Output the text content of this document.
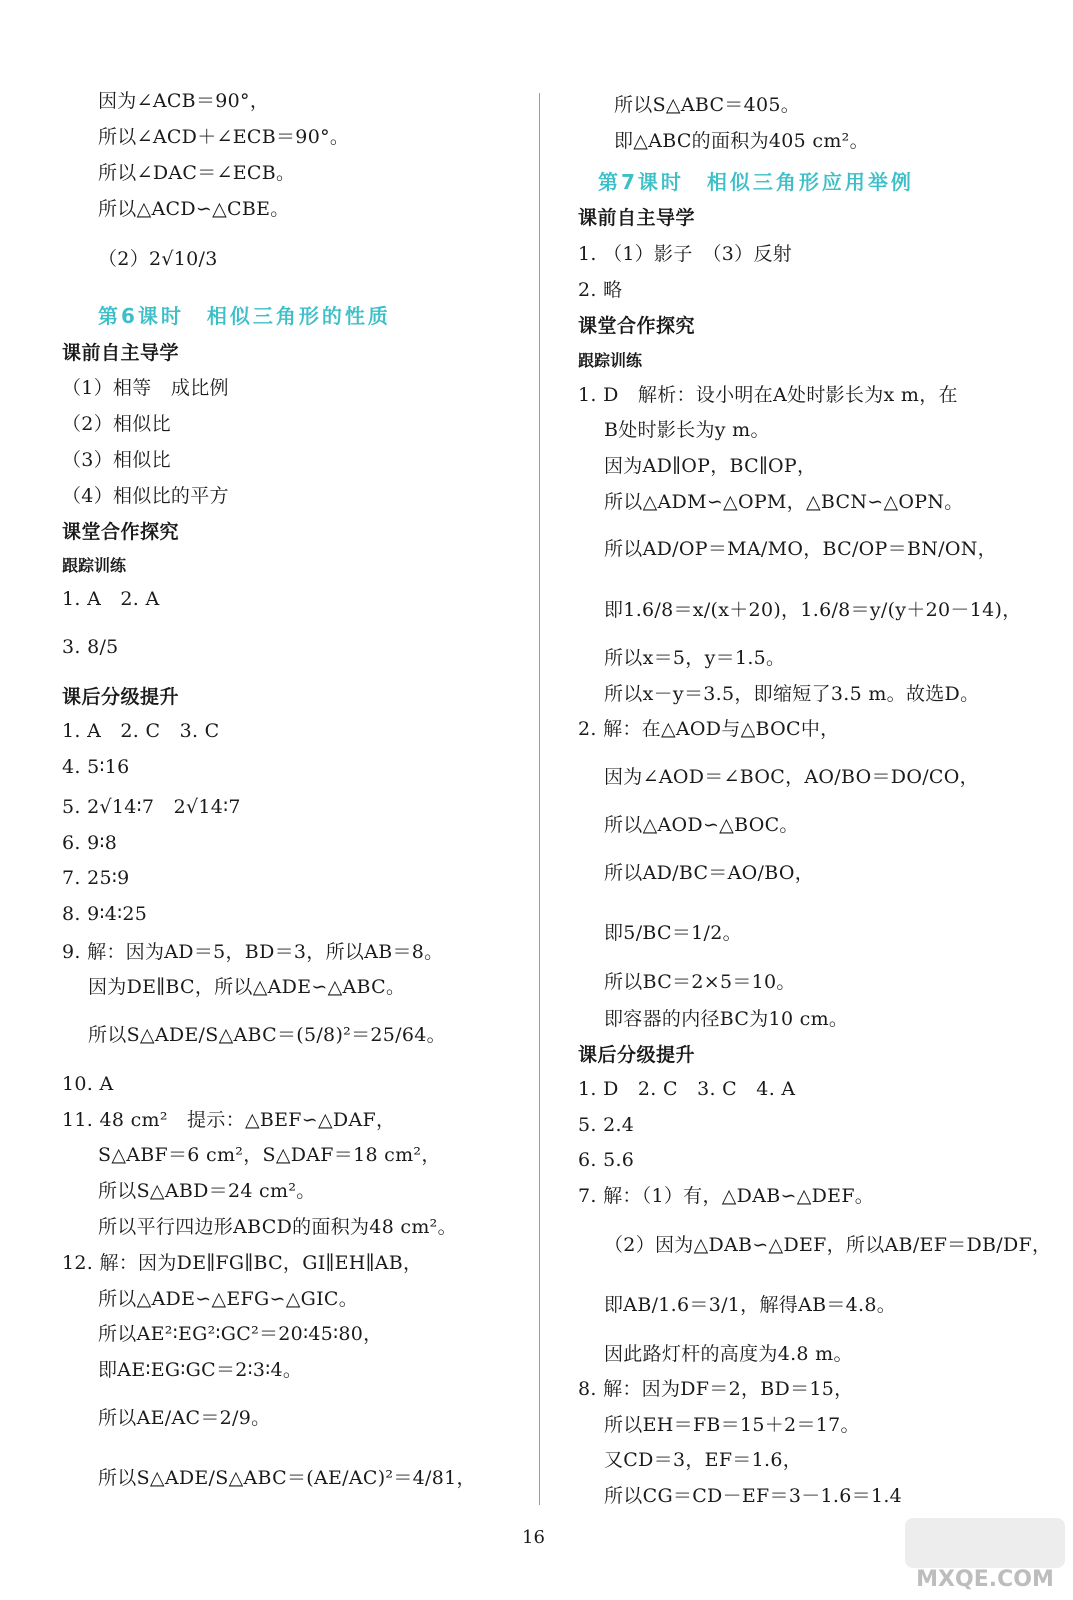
第6课时　相似三角形的性质
课前自主导学
课堂合作探究
跟踪训练
课后分级提升
因为∠ACB＝90°，
所以∠ACD＋∠ECB＝90°。
所以∠DAC＝∠ECB。
所以△ACD∽△CBE。
（2）2√10/3
（1）相等　成比例
（2）相似比
（3）相似比
（4）相似比的平方
1. A　2. A
3. 8/5
1. A　2. C　3. C
4. 5∶16
5. 2√14∶7　2√14∶7
6. 9∶8
7. 25∶9
8. 9∶4∶25
9. 解：因为AD＝5，BD＝3，所以AB＝8。
因为DE∥BC，所以△ADE∽△ABC。
所以S△ADE/S△ABC＝(5/8)²＝25/64。
10. A
11. 48 cm²　提示：△BEF∽△DAF，
S△ABF＝6 cm²，S△DAF＝18 cm²，
所以S△ABD＝24 cm²。
所以平行四边形ABCD的面积为48 cm²。
12. 解：因为DE∥FG∥BC，GI∥EH∥AB，
所以△ADE∽△EFG∽△GIC。
所以AE²∶EG²∶GC²＝20∶45∶80，
即AE∶EG∶GC＝2∶3∶4。
所以AE/AC＝2/9。
所以S△ADE/S△ABC＝(AE/AC)²＝4/81，
第7课时　相似三角形应用举例
课前自主导学
课堂合作探究
跟踪训练
课后分级提升
所以S△ABC＝405。
即△ABC的面积为405 cm²。
1. （1）影子　（3）反射
2. 略
1. D　解析：设小明在A处时影长为x m，在
B处时影长为y m。
因为AD∥OP，BC∥OP，
所以△ADM∽△OPM，△BCN∽△OPN。
所以AD/OP＝MA/MO，BC/OP＝BN/ON，
即1.6/8＝x/(x＋20)，1.6/8＝y/(y＋20－14)，
所以x＝5，y＝1.5。
所以x－y＝3.5，即缩短了3.5 m。故选D。
2. 解：在△AOD与△BOC中，
因为∠AOD＝∠BOC，AO/BO＝DO/CO，
所以△AOD∽△BOC。
所以AD/BC＝AO/BO，
即5/BC＝1/2。
所以BC＝2×5＝10。
即容器的内径BC为10 cm。
1. D　2. C　3. C　4. A
5. 2.4
6. 5.6
7. 解：（1）有，△DAB∽△DEF。
（2）因为△DAB∽△DEF，所以AB/EF＝DB/DF，
即AB/1.6＝3/1，解得AB＝4.8。
因此路灯杆的高度为4.8 m。
8. 解：因为DF＝2，BD＝15，
所以EH＝FB＝15＋2＝17。
又CD＝3，EF＝1.6，
所以CG＝CD－EF＝3－1.6＝1.4
16
MXQE.COM
